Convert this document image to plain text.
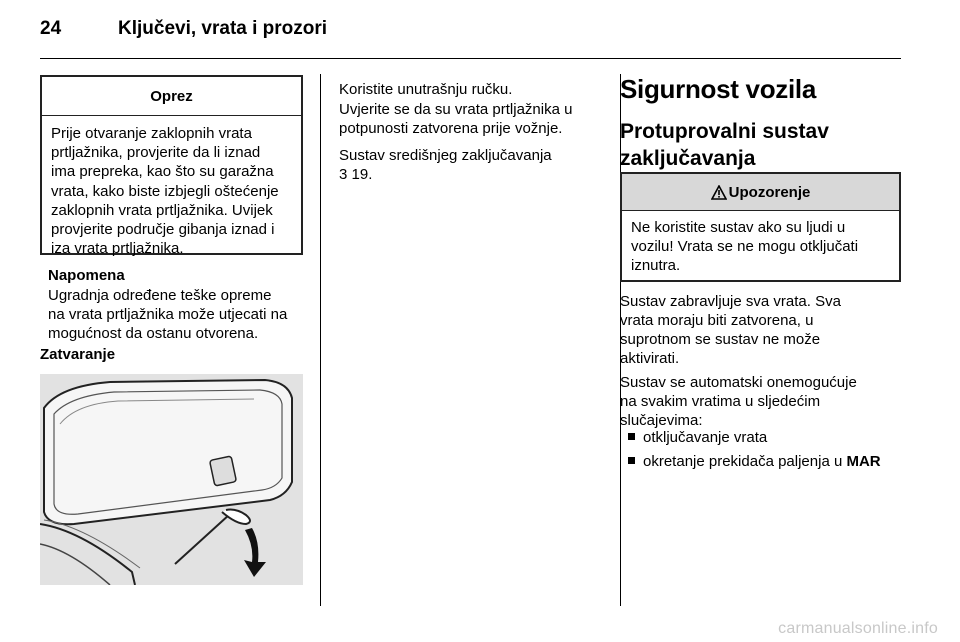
24	Ključevi, vrata i prozori
Oprez
Prije otvaranje zaklopnih vrata
prtljažnika, provjerite da li iznad
ima prepreka, kao što su garažna
vrata, kako biste izbjegli oštećenje
zaklopnih vrata prtljažnika. Uvijek
provjerite područje gibanja iznad i
iza vrata prtljažnika.
Napomena
Ugradnja određene teške opreme
na vrata prtljažnika može utjecati na
mogućnost da ostanu otvorena.
Zatvaranje
Koristite unutrašnju ručku.
Uvjerite se da su vrata prtljažnika u
potpunosti zatvorena prije vožnje.
Sustav središnjeg zaključavanja
3 19.
Sigurnost vozila
Protuprovalni sustav
zaključavanja
Upozorenje
Ne koristite sustav ako su ljudi u
vozilu! Vrata se ne mogu otključati
iznutra.
Sustav zabravljuje sva vrata. Sva
vrata moraju biti zatvorena, u
suprotnom se sustav ne može
aktivirati.
Sustav se automatski onemogućuje
na svakim vratima u sljedećim
slučajevima:
otključavanje vrata
okretanje prekidača paljenja u MAR
carmanualsonline.info
